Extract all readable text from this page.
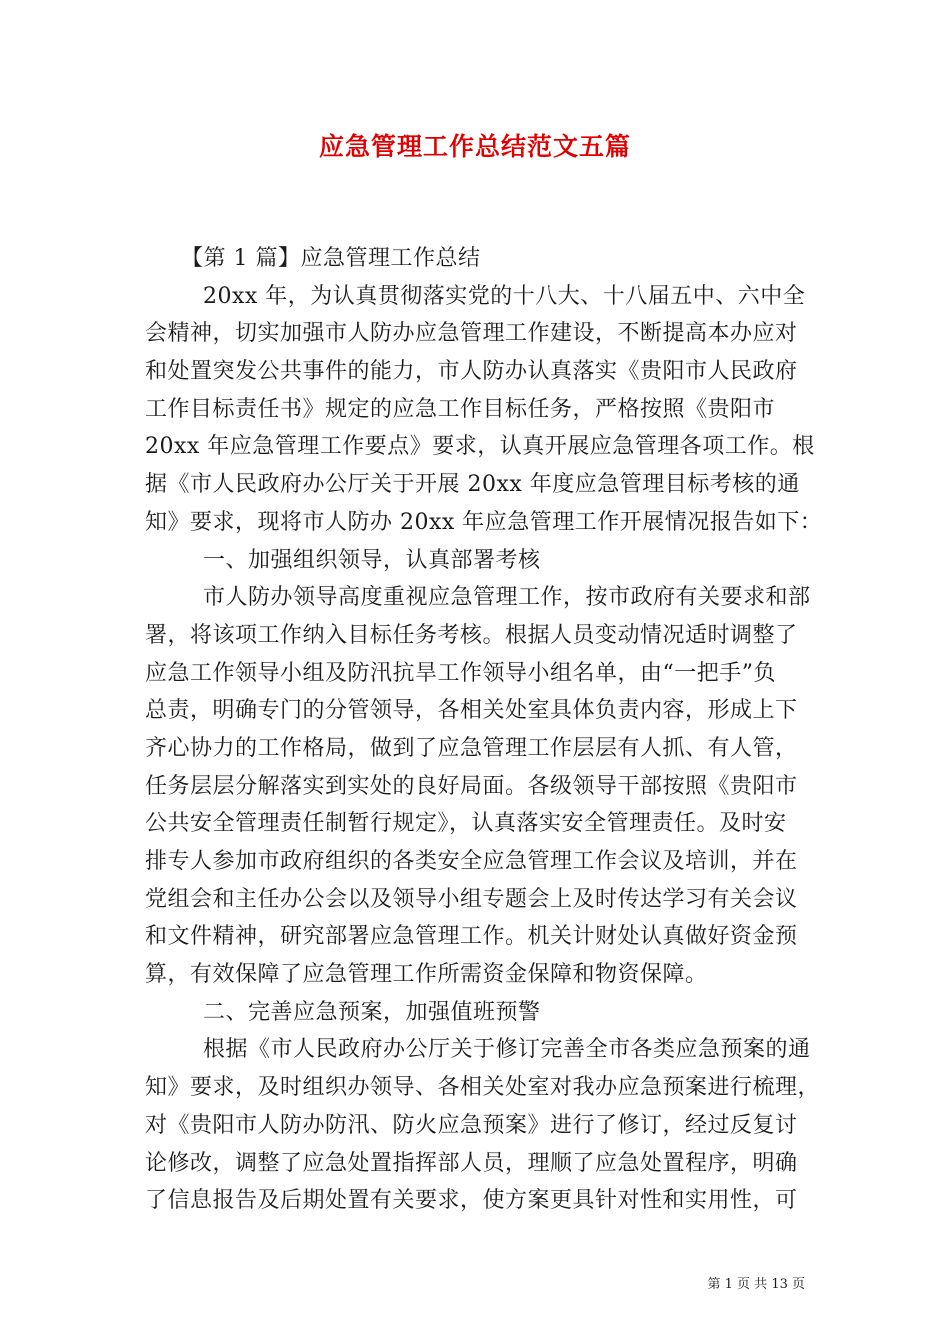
应急管理工作总结范文五篇
【第 1 篇】应急管理工作总结
20xx 年，为认真贯彻落实党的十八大、十八届五中、六中全
会精神，切实加强市人防办应急管理工作建设，不断提高本办应对
和处置突发公共事件的能力，市人防办认真落实《贵阳市人民政府
工作目标责任书》规定的应急工作目标任务，严格按照《贵阳市
20xx 年应急管理工作要点》要求，认真开展应急管理各项工作。根
据《市人民政府办公厅关于开展 20xx 年度应急管理目标考核的通
知》要求，现将市人防办 20xx 年应急管理工作开展情况报告如下：
一、加强组织领导，认真部署考核
市人防办领导高度重视应急管理工作，按市政府有关要求和部
署，将该项工作纳入目标任务考核。根据人员变动情况适时调整了
应急工作领导小组及防汛抗旱工作领导小组名单，由“一把手”负
总责，明确专门的分管领导，各相关处室具体负责内容，形成上下
齐心协力的工作格局，做到了应急管理工作层层有人抓、有人管，
任务层层分解落实到实处的良好局面。各级领导干部按照《贵阳市
公共安全管理责任制暂行规定》，认真落实安全管理责任。及时安
排专人参加市政府组织的各类安全应急管理工作会议及培训，并在
党组会和主任办公会以及领导小组专题会上及时传达学习有关会议
和文件精神，研究部署应急管理工作。机关计财处认真做好资金预
算，有效保障了应急管理工作所需资金保障和物资保障。
二、完善应急预案，加强值班预警
根据《市人民政府办公厅关于修订完善全市各类应急预案的通
知》要求，及时组织办领导、各相关处室对我办应急预案进行梳理，
对《贵阳市人防办防汛、防火应急预案》进行了修订，经过反复讨
论修改，调整了应急处置指挥部人员，理顺了应急处置程序，明确
了信息报告及后期处置有关要求，使方案更具针对性和实用性，可
第 1 页 共 13 页
